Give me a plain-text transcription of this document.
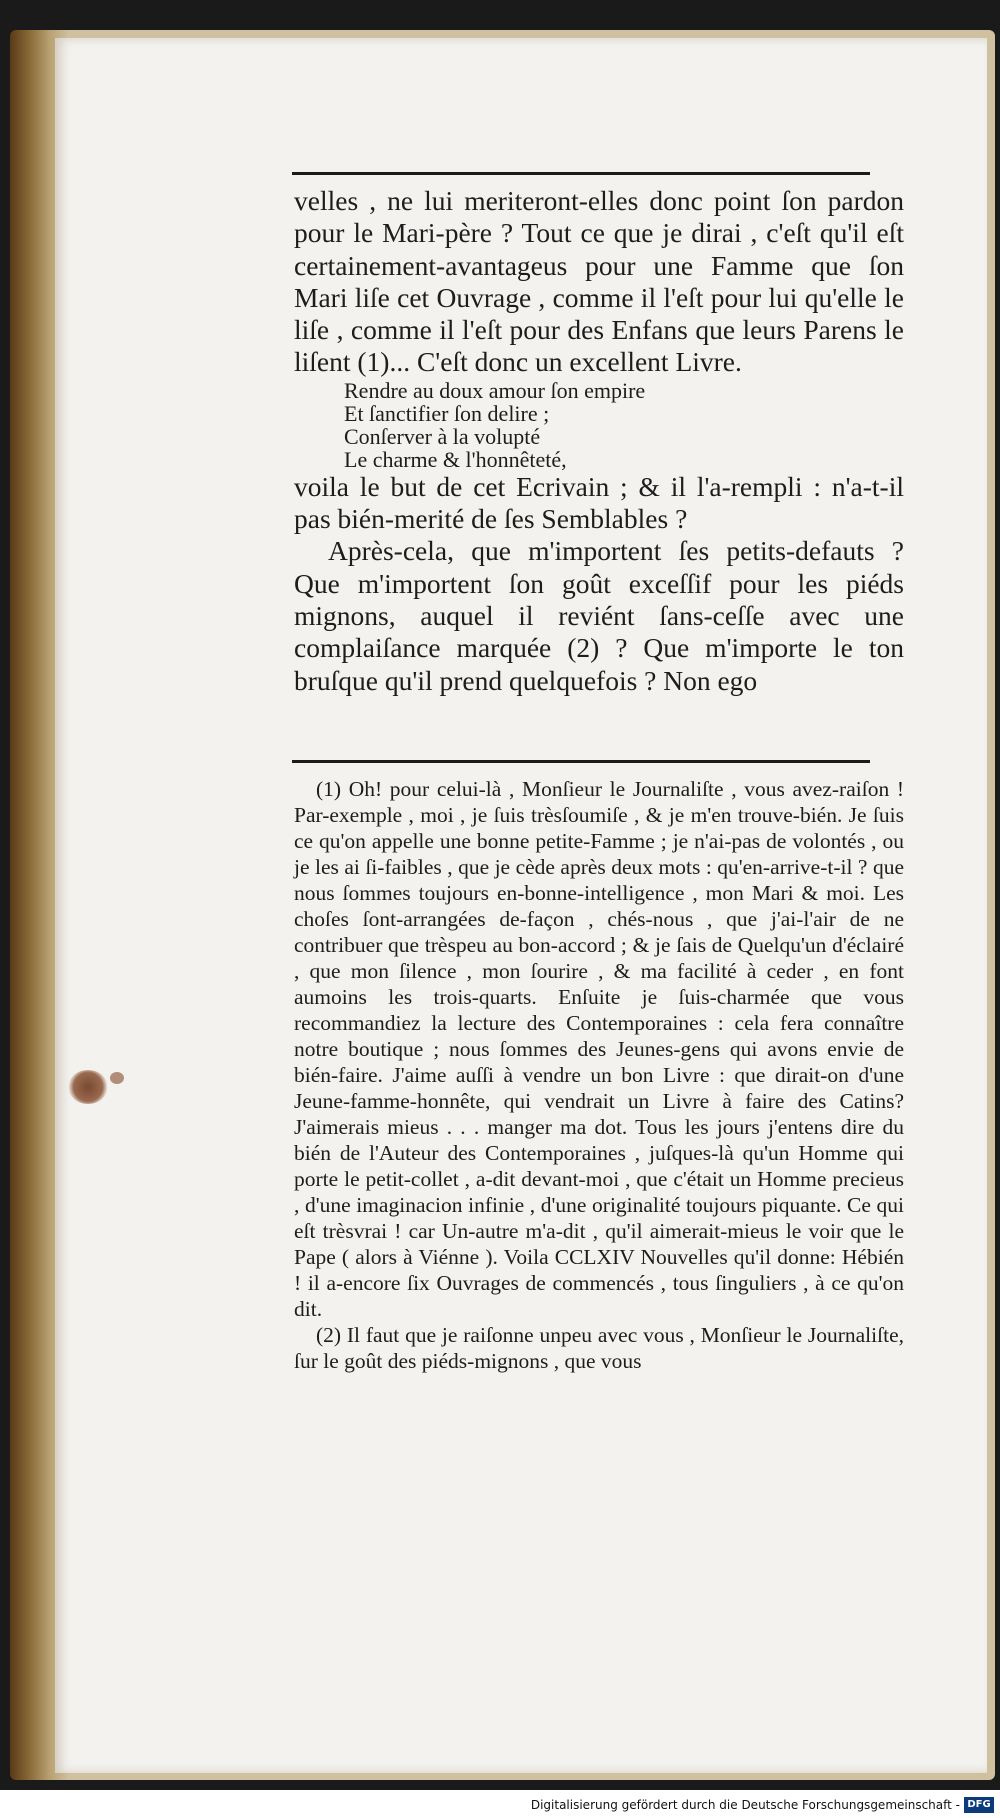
velles , ne lui meriteront-elles donc point ſon pardon pour le Mari-père ? Tout ce que je dirai , c'eſt qu'il eſt certainement-avantageus pour une Famme que ſon Mari liſe cet Ouvrage , comme il l'eſt pour lui qu'elle le liſe , comme il l'eſt pour des Enfans que leurs Parens le liſent (1)... C'eſt donc un excellent Livre.

Rendre au doux amour ſon empire

Et ſanctifier ſon delire ;

Conſerver à la volupté

Le charme & l'honnêteté,

voila le but de cet Ecrivain ; & il l'a-rempli : n'a-t-il pas bién-merité de ſes Semblables ?

Après-cela, que m'importent ſes petits-defauts ? Que m'importent ſon goût exceſſif pour les piéds mignons, auquel il reviént ſans-ceſſe avec une complaiſance marquée (2) ? Que m'importe le ton bruſque qu'il prend quelquefois ? Non ego

(1) Oh! pour celui-là , Monſieur le Journaliſte , vous avez-raiſon ! Par-exemple , moi , je ſuis trèsſoumiſe , & je m'en trouve-bién. Je ſuis ce qu'on appelle une bonne petite-Famme ; je n'ai-pas de volontés , ou je les ai ſi-faibles , que je cède après deux mots : qu'en-arrive-t-il ? que nous ſommes toujours en-bonne-intelligence , mon Mari & moi. Les choſes ſont-arrangées de-façon , chés-nous , que j'ai-l'air de ne contribuer que trèspeu au bon-accord ; & je ſais de Quelqu'un d'éclairé , que mon ſilence , mon ſourire , & ma facilité à ceder , en font aumoins les trois-quarts. Enſuite je ſuis-charmée que vous recommandiez la lecture des Contemporaines : cela fera connaître notre boutique ; nous ſommes des Jeunes-gens qui avons envie de bién-faire. J'aime auſſi à vendre un bon Livre : que dirait-on d'une Jeune-famme-honnête, qui vendrait un Livre à faire des Catins? J'aimerais mieus . . . manger ma dot. Tous les jours j'entens dire du bién de l'Auteur des Contemporaines , juſques-là qu'un Homme qui porte le petit-collet , a-dit devant-moi , que c'était un Homme precieus , d'une imaginacion infinie , d'une originalité toujours piquante. Ce qui eſt trèsvrai ! car Un-autre m'a-dit , qu'il aimerait-mieus le voir que le Pape ( alors à Viénne ). Voila CCLXIV Nouvelles qu'il donne: Hébién ! il a-encore ſix Ouvrages de commencés , tous ſinguliers , à ce qu'on dit.

(2) Il faut que je raiſonne unpeu avec vous , Monſieur le Journaliſte, ſur le goût des piéds-mignons , que vous

Digitalisierung gefördert durch die Deutsche Forschungsgemeinschaft - DFG
